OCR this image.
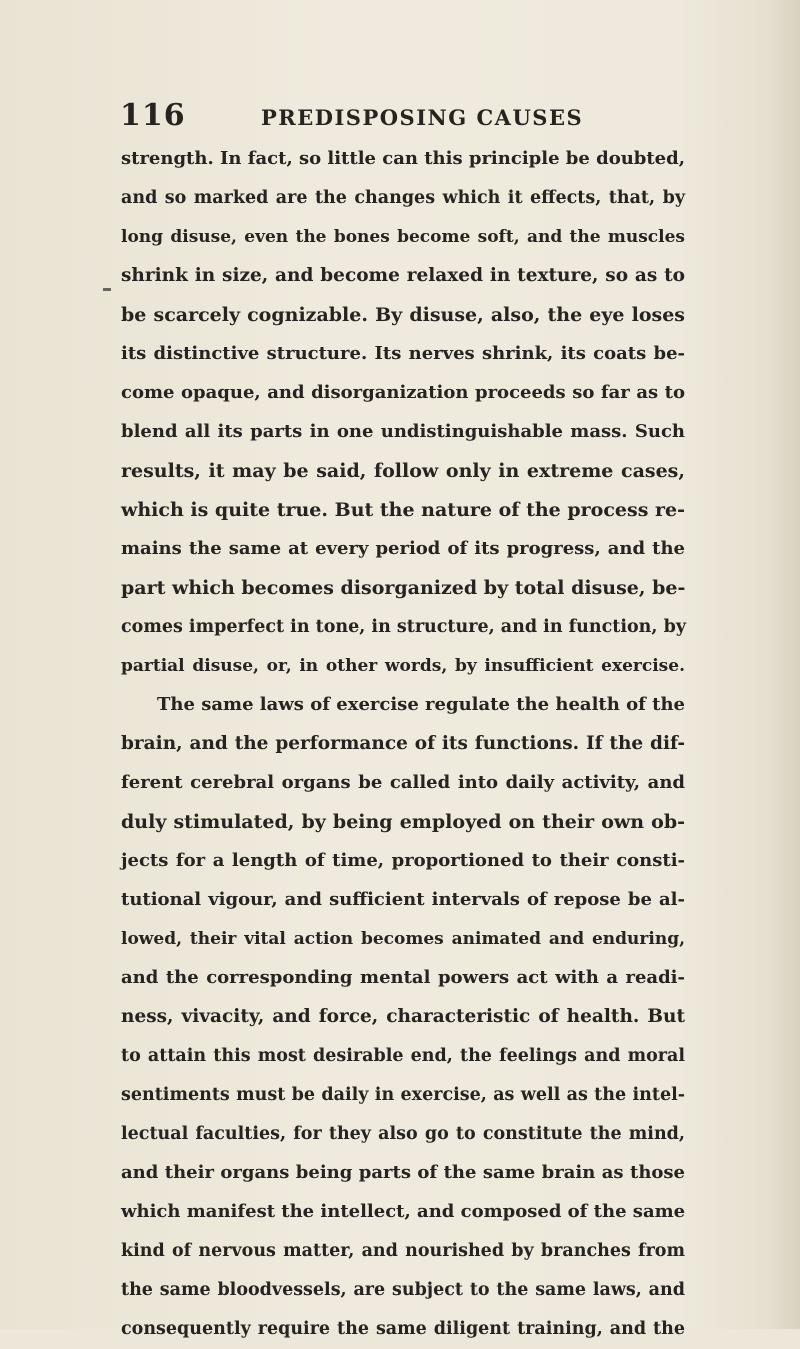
116	PREDISPOSING CAUSES
strength. In fact, so little can this principle be doubted,
and so marked are the changes which it effects, that, by
long disuse, even the bones become soft, and the muscles
shrink in size, and become relaxed in texture, so as to
be scarcely cognizable. By disuse, also, the eye loses
its distinctive structure. Its nerves shrink, its coats be-
come opaque, and disorganization proceeds so far as to
blend all its parts in one undistinguishable mass. Such
results, it may be said, follow only in extreme cases,
which is quite true. But the nature of the process re-
mains the same at every period of its progress, and the
part which becomes disorganized by total disuse, be-
comes imperfect in tone, in structure, and in function, by
partial disuse, or, in other words, by insufficient exercise.
The same laws of exercise regulate the health of the
brain, and the performance of its functions. If the dif-
ferent cerebral organs be called into daily activity, and
duly stimulated, by being employed on their own ob-
jects for a length of time, proportioned to their consti-
tutional vigour, and sufficient intervals of repose be al-
lowed, their vital action becomes animated and enduring,
and the corresponding mental powers act with a readi-
ness, vivacity, and force, characteristic of health. But
to attain this most desirable end, the feelings and moral
sentiments must be daily in exercise, as well as the intel-
lectual faculties, for they also go to constitute the mind,
and their organs being parts of the same brain as those
which manifest the intellect, and composed of the same
kind of nervous matter, and nourished by branches from
the same bloodvessels, are subject to the same laws, and
consequently require the same diligent training, and the
